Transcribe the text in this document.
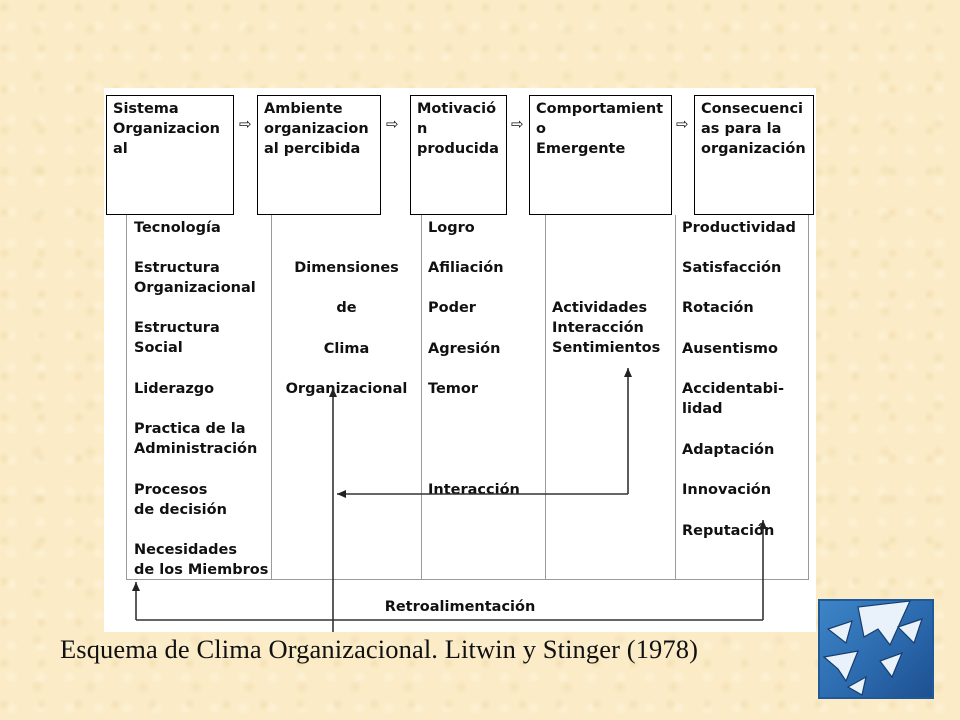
Sistema
Organizacion
al
⇨
Ambiente
organizacion
al percibida
⇨
Motivació
n
producida
⇨
Comportamient
o
Emergente
⇨
Consecuenci
as para la
organización
Tecnología
Estructura
Organizacional
Estructura
Social
Liderazgo
Practica de la
Administración
Procesos
de decisión
Necesidades
de los Miembros
Dimensiones
de
Clima
Organizacional
Logro
Afiliación
Poder
Agresión
Temor
Interacción
Actividades
Interacción
Sentimientos
Productividad
Satisfacción
Rotación
Ausentismo
Accidentabi-
lidad
Adaptación
Innovación
Reputación
Retroalimentación
Esquema de Clima Organizacional. Litwin y Stinger (1978)
